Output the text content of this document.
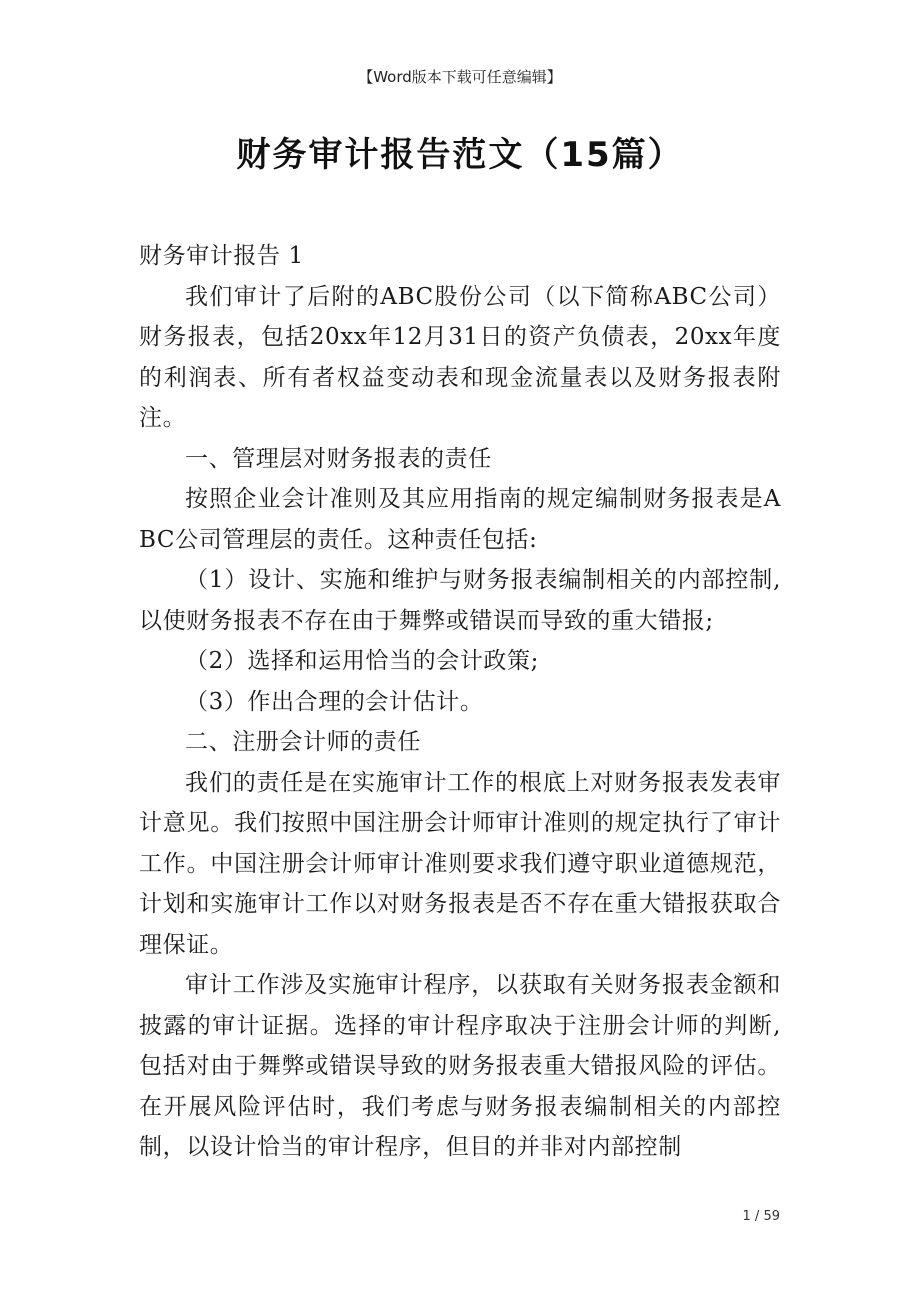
【Word版本下载可任意编辑】
财务审计报告范文（15篇）

财务审计报告 1

我们审计了后附的ABC股份公司（以下简称ABC公司）财务报表，包括20xx年12月31日的资产负债表，20xx年度的利润表、所有者权益变动表和现金流量表以及财务报表附注。

一、管理层对财务报表的责任

按照企业会计准则及其应用指南的规定编制财务报表是ABC公司管理层的责任。这种责任包括:

（1）设计、实施和维护与财务报表编制相关的内部控制,以使财务报表不存在由于舞弊或错误而导致的重大错报;

（2）选择和运用恰当的会计政策;

（3）作出合理的会计估计。

二、注册会计师的责任

我们的责任是在实施审计工作的根底上对财务报表发表审计意见。我们按照中国注册会计师审计准则的规定执行了审计工作。中国注册会计师审计准则要求我们遵守职业道德规范，计划和实施审计工作以对财务报表是否不存在重大错报获取合理保证。

审计工作涉及实施审计程序，以获取有关财务报表金额和披露的审计证据。选择的审计程序取决于注册会计师的判断,包括对由于舞弊或错误导致的财务报表重大错报风险的评估。在开展风险评估时，我们考虑与财务报表编制相关的内部控制，以设计恰当的审计程序，但目的并非对内部控制

1 / 59
